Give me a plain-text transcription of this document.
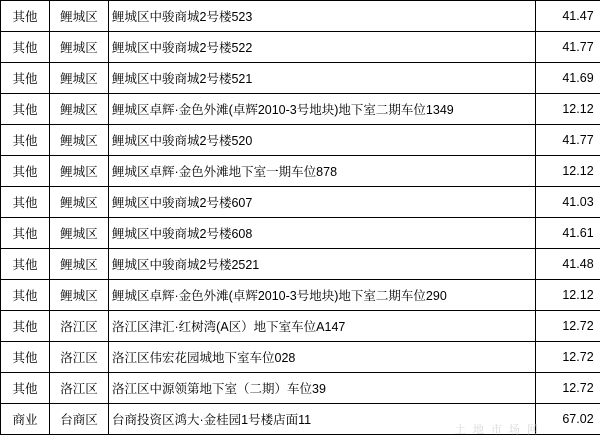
其他	鲤城区	鲤城区中骏商城2号楼523	41.47
其他	鲤城区	鲤城区中骏商城2号楼522	41.77
其他	鲤城区	鲤城区中骏商城2号楼521	41.69
其他	鲤城区	鲤城区卓辉·金色外滩(卓辉2010-3号地块)地下室二期车位1349	12.12
其他	鲤城区	鲤城区中骏商城2号楼520	41.77
其他	鲤城区	鲤城区卓辉·金色外滩地下室一期车位878	12.12
其他	鲤城区	鲤城区中骏商城2号楼607	41.03
其他	鲤城区	鲤城区中骏商城2号楼608	41.61
其他	鲤城区	鲤城区中骏商城2号楼2521	41.48
其他	鲤城区	鲤城区卓辉·金色外滩(卓辉2010-3号地块)地下室二期车位290	12.12
其他	洛江区	洛江区津汇·红树湾(A区）地下室车位A147	12.72
其他	洛江区	洛江区伟宏花园城地下室车位028	12.72
其他	洛江区	洛江区中源领第地下室（二期）车位39	12.72
商业	台商区	台商投资区鸿大·金桂园1号楼店面11	67.02
土 地 市 场 网
